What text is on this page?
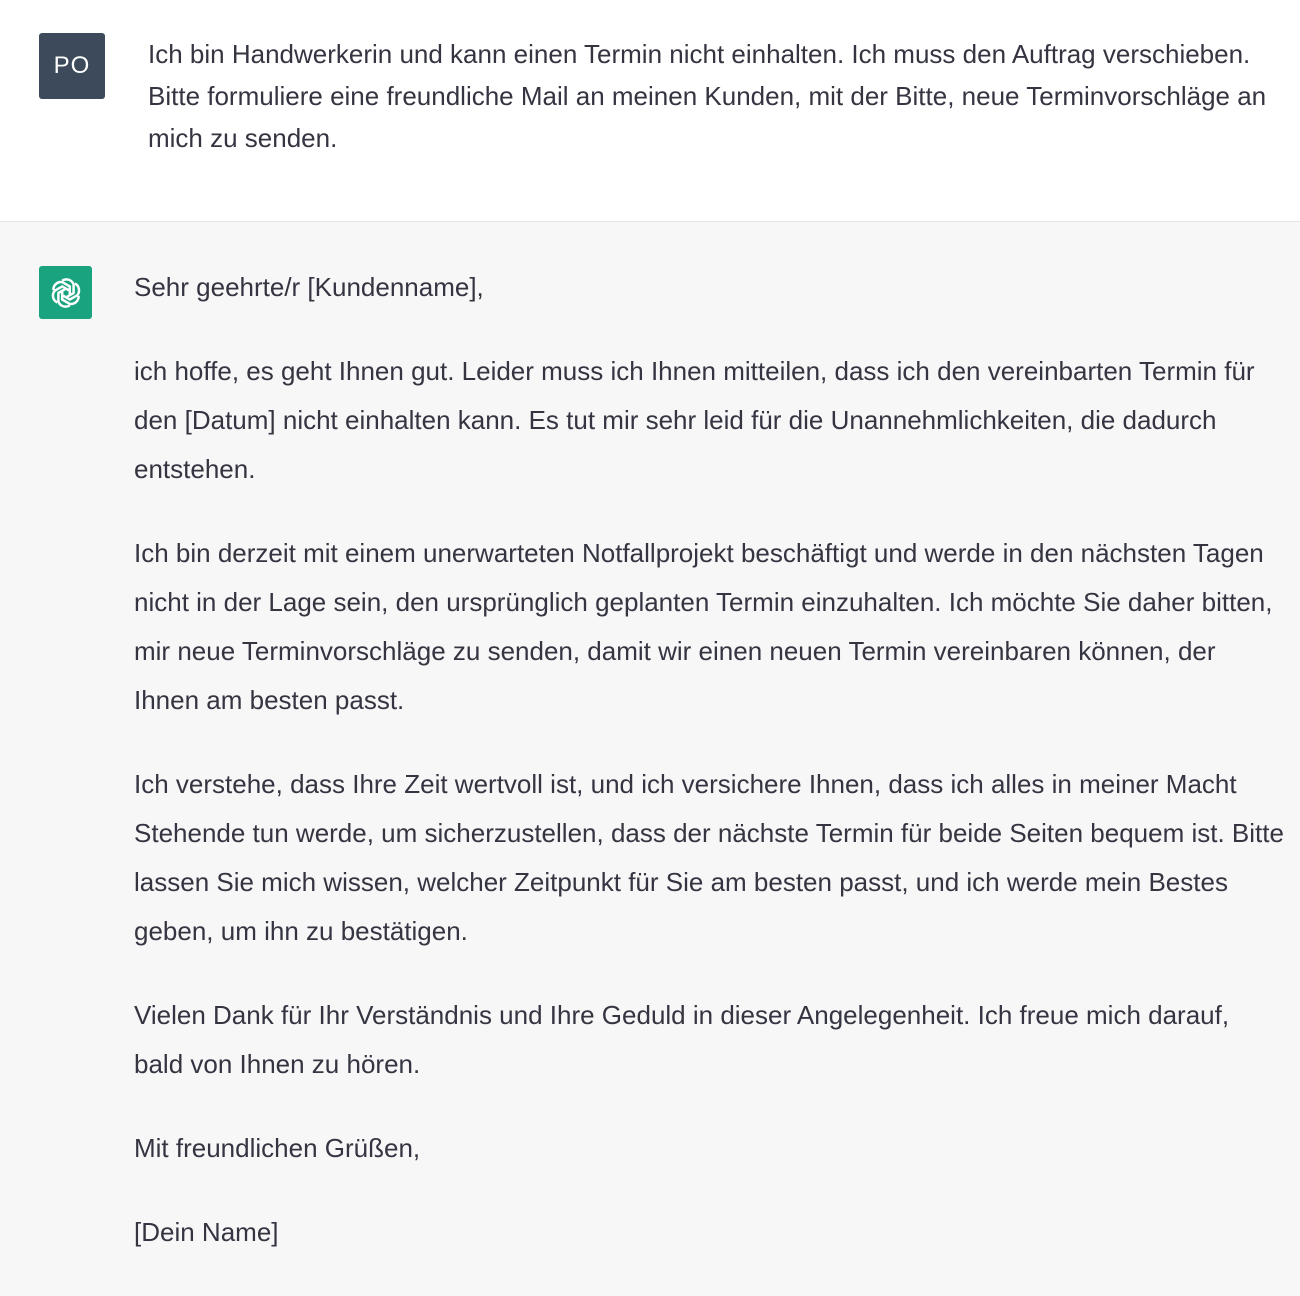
PO Ich bin Handwerkerin und kann einen Termin nicht einhalten. Ich muss den Auftrag verschieben. Bitte formuliere eine freundliche Mail an meinen Kunden, mit der Bitte, neue Terminvorschläge an mich zu senden.

Sehr geehrte/r [Kundenname],

ich hoffe, es geht Ihnen gut. Leider muss ich Ihnen mitteilen, dass ich den vereinbarten Termin für den [Datum] nicht einhalten kann. Es tut mir sehr leid für die Unannehmlichkeiten, die dadurch entstehen.

Ich bin derzeit mit einem unerwarteten Notfallprojekt beschäftigt und werde in den nächsten Tagen nicht in der Lage sein, den ursprünglich geplanten Termin einzuhalten. Ich möchte Sie daher bitten, mir neue Terminvorschläge zu senden, damit wir einen neuen Termin vereinbaren können, der Ihnen am besten passt.

Ich verstehe, dass Ihre Zeit wertvoll ist, und ich versichere Ihnen, dass ich alles in meiner Macht Stehende tun werde, um sicherzustellen, dass der nächste Termin für beide Seiten bequem ist. Bitte lassen Sie mich wissen, welcher Zeitpunkt für Sie am besten passt, und ich werde mein Bestes geben, um ihn zu bestätigen.

Vielen Dank für Ihr Verständnis und Ihre Geduld in dieser Angelegenheit. Ich freue mich darauf, bald von Ihnen zu hören.

Mit freundlichen Grüßen,

[Dein Name]
